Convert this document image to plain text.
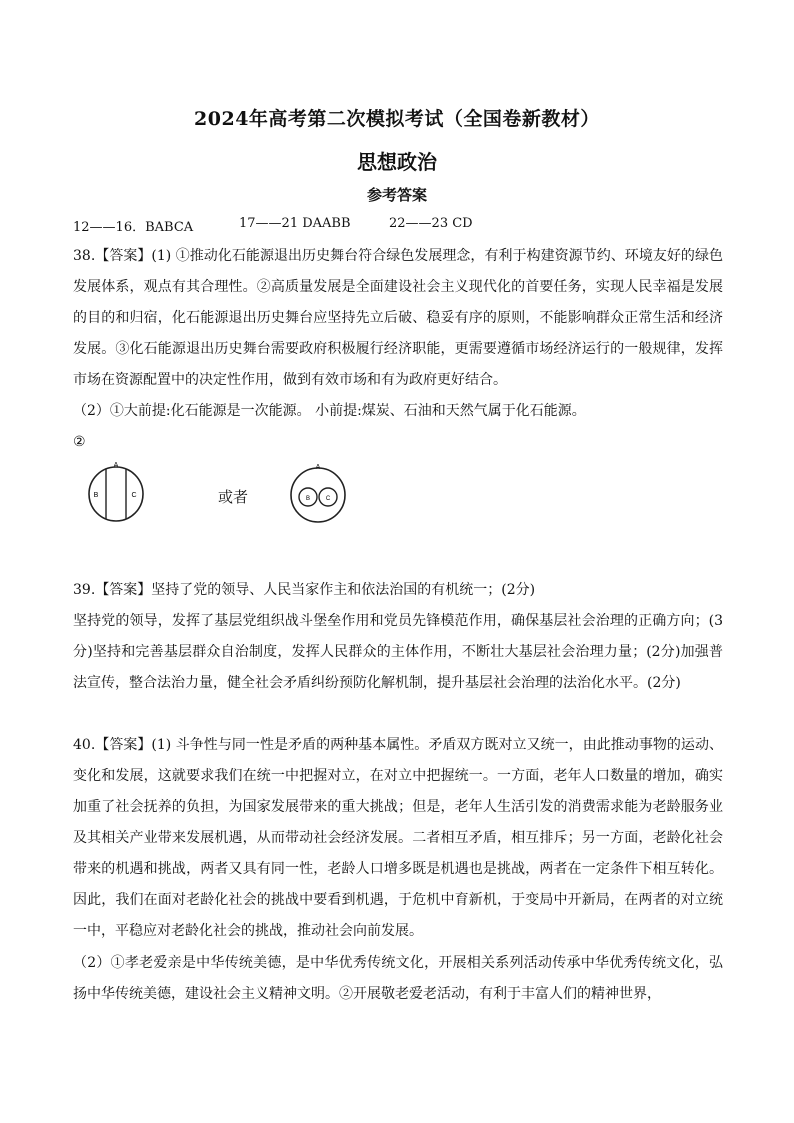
2024年高考第二次模拟考试（全国卷新教材）
思想政治
参考答案
12——16．BABCA	17——21 DAABB	22——23 CD

38.【答案】(1) ①推动化石能源退出历史舞台符合绿色发展理念，有利于构建资源节约、环境友好的绿色发展体系，观点有其合理性。②高质量发展是全面建设社会主义现代化的首要任务，实现人民幸福是发展的目的和归宿，化石能源退出历史舞台应坚持先立后破、稳妥有序的原则，不能影响群众正常生活和经济发展。③化石能源退出历史舞台需要政府积极履行经济职能，更需要遵循市场经济运行的一般规律，发挥市场在资源配置中的决定性作用，做到有效市场和有为政府更好结合。

（2）①大前提:化石能源是一次能源。 小前提:煤炭、石油和天然气属于化石能源。

②
A
B	C
A
B	C
或者

39.【答案】坚持了党的领导、人民当家作主和依法治国的有机统一；(2分)
坚持党的领导，发挥了基层党组织战斗堡垒作用和党员先锋模范作用，确保基层社会治理的正确方向；(3分)坚持和完善基层群众自治制度，发挥人民群众的主体作用，不断壮大基层社会治理力量；(2分)加强普法宣传，整合法治力量，健全社会矛盾纠纷预防化解机制，提升基层社会治理的法治化水平。(2分)

40.【答案】(1) 斗争性与同一性是矛盾的两种基本属性。矛盾双方既对立又统一，由此推动事物的运动、变化和发展，这就要求我们在统一中把握对立，在对立中把握统一。一方面，老年人口数量的增加，确实加重了社会抚养的负担，为国家发展带来的重大挑战；但是，老年人生活引发的消费需求能为老龄服务业及其相关产业带来发展机遇，从而带动社会经济发展。二者相互矛盾，相互排斥；另一方面，老龄化社会带来的机遇和挑战，两者又具有同一性，老龄人口增多既是机遇也是挑战，两者在一定条件下相互转化。因此，我们在面对老龄化社会的挑战中要看到机遇，于危机中育新机，于变局中开新局，在两者的对立统一中，平稳应对老龄化社会的挑战，推动社会向前发展。

（2）①孝老爱亲是中华传统美德，是中华优秀传统文化，开展相关系列活动传承中华优秀传统文化，弘扬中华传统美德，建设社会主义精神文明。②开展敬老爱老活动，有利于丰富人们的精神世界，
